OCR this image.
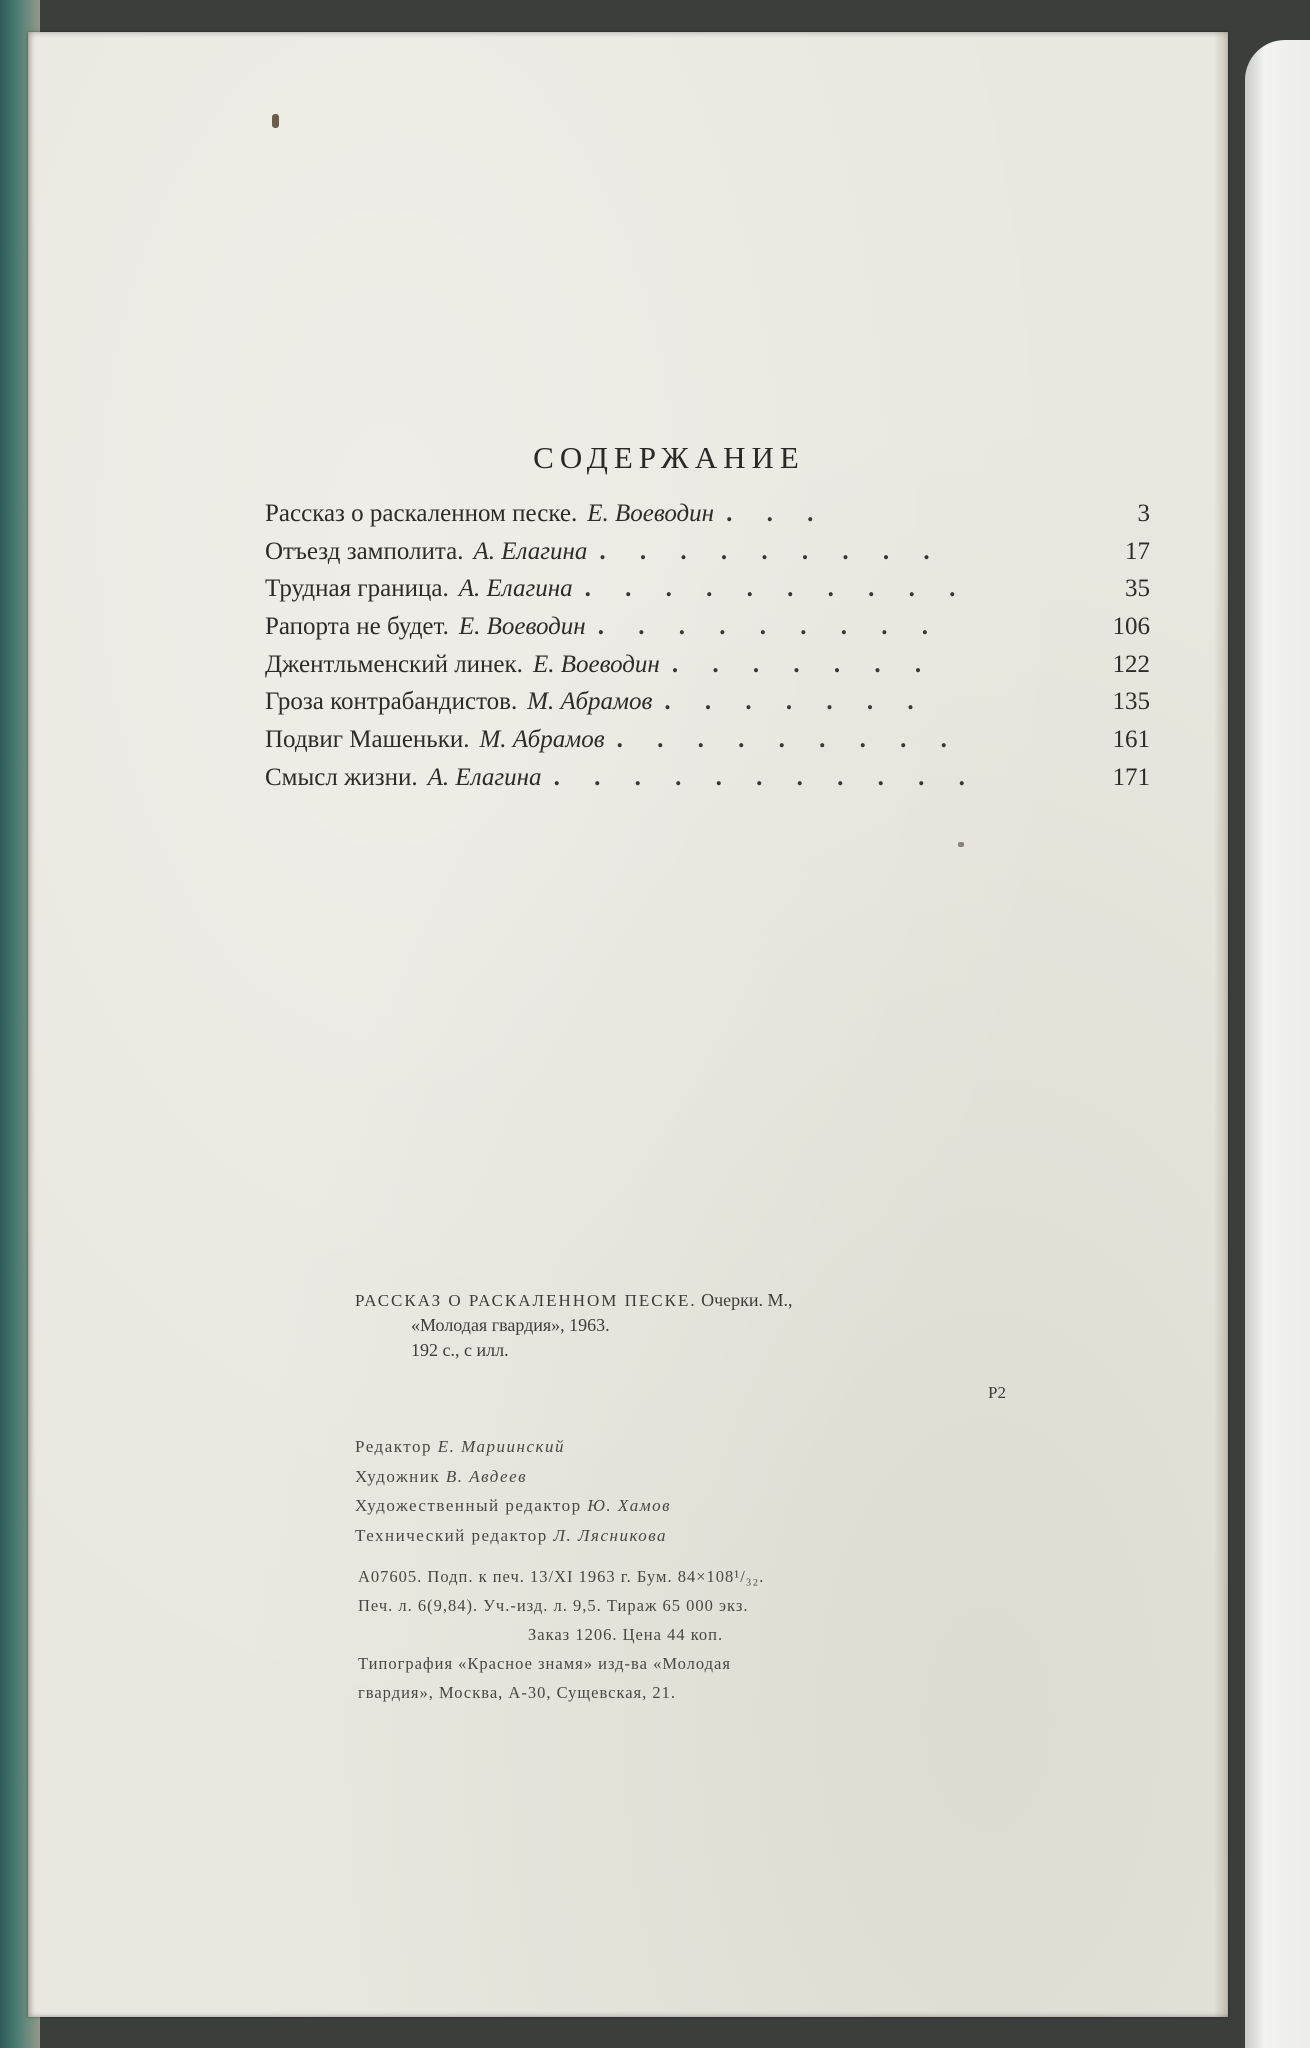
СОДЕРЖАНИЕ
Рассказ о раскаленном песке. Е. Воеводин . . .	3
Отъезд замполита. А. Елагина . . . . . . . . .	17
Трудная граница. А. Елагина . . . . . . . . . .	35
Рапорта не будет. Е. Воеводин . . . . . . . . .	106
Джентльменский линек. Е. Воеводин . . . . . . .	122
Гроза контрабандистов. М. Абрамов . . . . . . .	135
Подвиг Машеньки. М. Абрамов . . . . . . . . .	161
Смысл жизни. А. Елагина . . . . . . . . . . .	171
РАССКАЗ О РАСКАЛЕННОМ ПЕСКЕ. Очерки. М.,
«Молодая гвардия», 1963.
192 с., с илл.
Р2
Редактор Е. Мариинский
Художник В. Авдеев
Художественный редактор Ю. Хамов
Технический редактор Л. Лясникова
А07605. Подп. к печ. 13/XI 1963 г. Бум. 84×108¹/₃₂.
Печ. л. 6(9,84). Уч.-изд. л. 9,5. Тираж 65 000 экз.
Заказ 1206. Цена 44 коп.
Типография «Красное знамя» изд-ва «Молодая
гвардия», Москва, А-30, Сущевская, 21.
